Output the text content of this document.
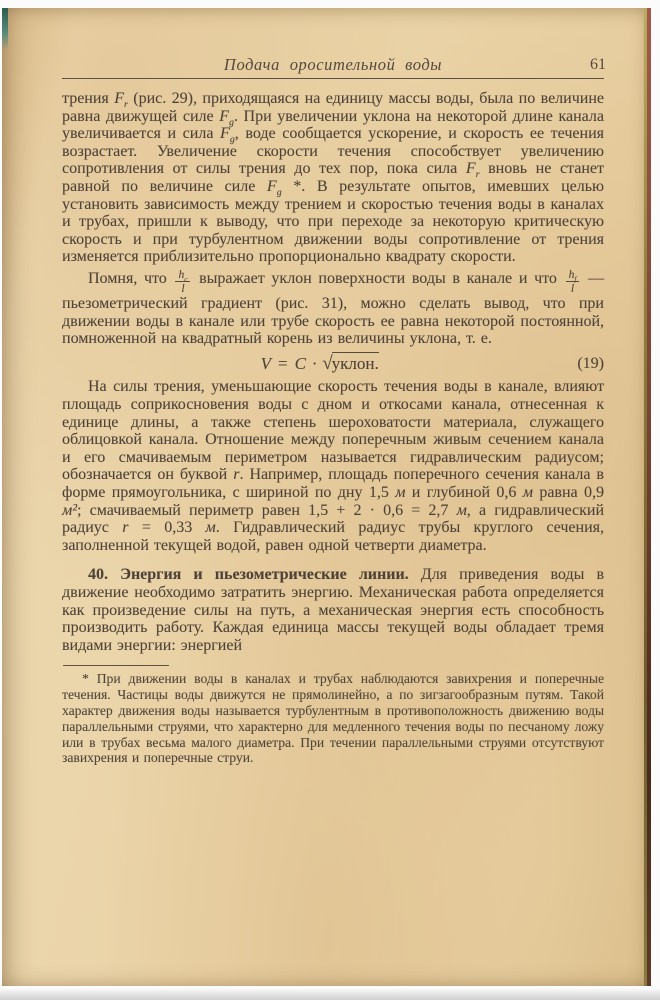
Подача оросительной воды	61

трения $F_r$ (рис. 29), приходящаяся на единицу массы воды, была по величине равна движущей силе $F_g$. При увеличении уклона на некоторой длине канала увеличивается и сила $F_g$, воде сообщается ускорение, и скорость ее течения возрастает. Увеличение скорости течения способствует увеличению сопротивления от силы трения до тех пор, пока сила $F_r$ вновь не станет равной по величине силе $F_g$ *. В результате опытов, имевших целью установить зависимость между трением и скоростью течения воды в каналах и трубах, пришли к выводу, что при переходе за некоторую критическую скорость и при турбулентном движении воды сопротивление от трения изменяется приблизительно пропорционально квадрату скорости.

Помня, что $\frac{h_c}{l}$ выражает уклон поверхности воды в канале и что $\frac{h_f}{l}$ — пьезометрический градиент (рис. 31), можно сделать вывод, что при движении воды в канале или трубе скорость ее равна некоторой постоянной, помноженной на квадратный корень из величины уклона, т. е.

V = C · √уклон.	(19)

На силы трения, уменьшающие скорость течения воды в канале, влияют площадь соприкосновения воды с дном и откосами канала, отнесенная к единице длины, а также степень шероховатости материала, служащего облицовкой канала. Отношение между поперечным живым сечением канала и его смачиваемым периметром называется гидравлическим радиусом; обозначается он буквой r. Например, площадь поперечного сечения канала в форме прямоугольника, с шириной по дну 1,5 м и глубиной 0,6 м равна 0,9 м²; смачиваемый периметр равен 1,5 + 2 · 0,6 = 2,7 м, а гидравлический радиус r = 0,33 м. Гидравлический радиус трубы круглого сечения, заполненной текущей водой, равен одной четверти диаметра.

40. Энергия и пьезометрические линии. Для приведения воды в движение необходимо затратить энергию. Механическая работа определяется как произведение силы на путь, а механическая энергия есть способность производить работу. Каждая единица массы текущей воды обладает тремя видами энергии: энергией

* При движении воды в каналах и трубах наблюдаются завихрения и поперечные течения. Частицы воды движутся не прямолинейно, а по зигзагообразным путям. Такой характер движения воды называется турбулентным в противоположность движению воды параллельными струями, что характерно для медленного течения воды по песчаному ложу или в трубах весьма малого диаметра. При течении параллельными струями отсутствуют завихрения и поперечные струи.
